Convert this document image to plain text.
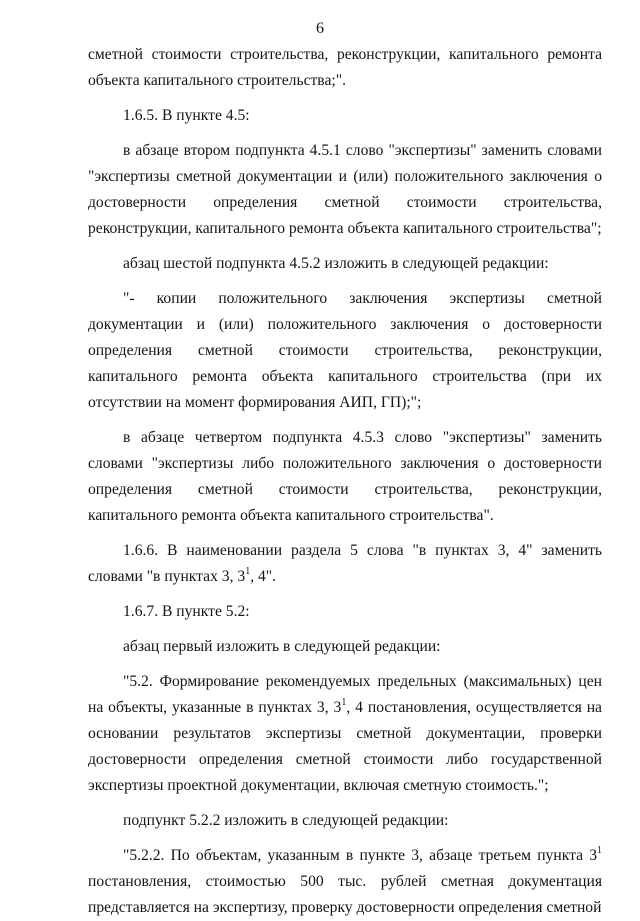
6

сметной стоимости строительства, реконструкции, капитального ремонта объекта капитального строительства;".

1.6.5. В пункте 4.5:

в абзаце втором подпункта 4.5.1 слово "экспертизы" заменить словами "экспертизы сметной документации и (или) положительного заключения о достоверности определения сметной стоимости строительства, реконструкции, капитального ремонта объекта капитального строительства";

абзац шестой подпункта 4.5.2 изложить в следующей редакции:

"- копии положительного заключения экспертизы сметной документации и (или) положительного заключения о достоверности определения сметной стоимости строительства, реконструкции, капитального ремонта объекта капитального строительства (при их отсутствии на момент формирования АИП, ГП);";

в абзаце четвертом подпункта 4.5.3 слово "экспертизы" заменить словами "экспертизы либо положительного заключения о достоверности определения сметной стоимости строительства, реконструкции, капитального ремонта объекта капитального строительства".

1.6.6. В наименовании раздела 5 слова "в пунктах 3, 4" заменить словами "в пунктах 3, $3^1$, 4".

1.6.7. В пункте 5.2:

абзац первый изложить в следующей редакции:

"5.2. Формирование рекомендуемых предельных (максимальных) цен на объекты, указанные в пунктах 3, $3^1$, 4 постановления, осуществляется на основании результатов экспертизы сметной документации, проверки достоверности определения сметной стоимости либо государственной экспертизы проектной документации, включая сметную стоимость.";

подпункт 5.2.2 изложить в следующей редакции:

"5.2.2. По объектам, указанным в пункте 3, абзаце третьем пункта $3^1$ постановления, стоимостью 500 тыс. рублей сметная документация представляется на экспертизу, проверку достоверности определения сметной
